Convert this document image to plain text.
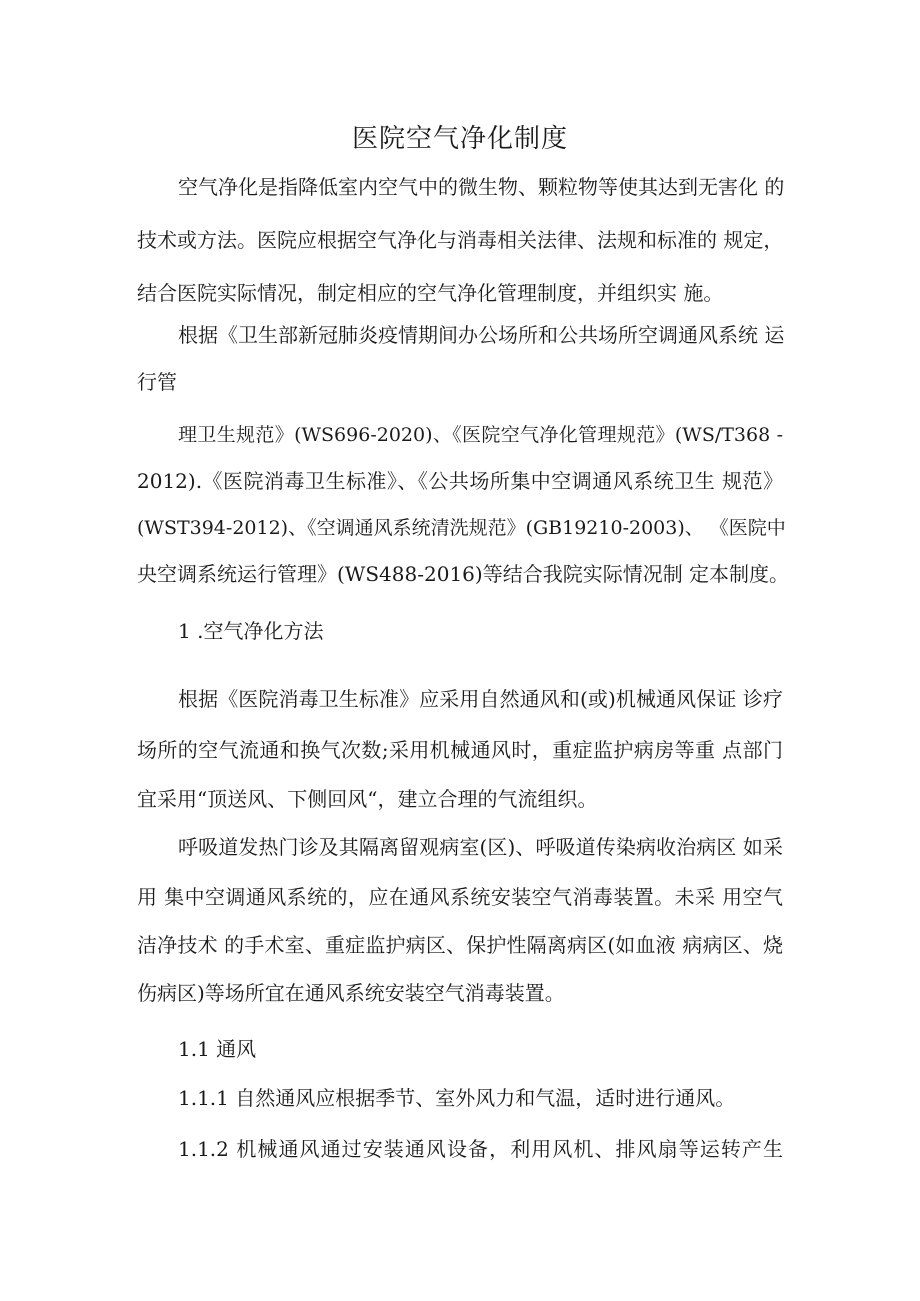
医院空气净化制度
空气净化是指降低室内空气中的微生物、颗粒物等使其达到无害化 的
技术或方法。医院应根据空气净化与消毒相关法律、法规和标准的 规定，
结合医院实际情况，制定相应的空气净化管理制度，并组织实 施。
根据《卫生部新冠肺炎疫情期间办公场所和公共场所空调通风系统 运
行管
理卫生规范》(WS696-2020)、《医院空气净化管理规范》(WS/T368 -
2012).《医院消毒卫生标准》、《公共场所集中空调通风系统卫生 规范》
(WST394-2012)、《空调通风系统清洗规范》(GB19210-2003)、 《医院中
央空调系统运行管理》(WS488-2016)等结合我院实际情况制 定本制度。
1 .空气净化方法
根据《医院消毒卫生标准》应采用自然通风和(或)机械通风保证 诊疗
场所的空气流通和换气次数;采用机械通风时，重症监护病房等重 点部门
宜采用“顶送风、下侧回风“，建立合理的气流组织。
呼吸道发热门诊及其隔离留观病室(区)、呼吸道传染病收治病区 如采
用 集中空调通风系统的，应在通风系统安装空气消毒装置。未采 用空气
洁净技术 的手术室、重症监护病区、保护性隔离病区(如血液 病病区、烧
伤病区)等场所宜在通风系统安装空气消毒装置。
1.1 通风
1.1.1 自然通风应根据季节、室外风力和气温，适时进行通风。
1.1.2 机械通风通过安装通风设备，利用风机、排风扇等运转产生
